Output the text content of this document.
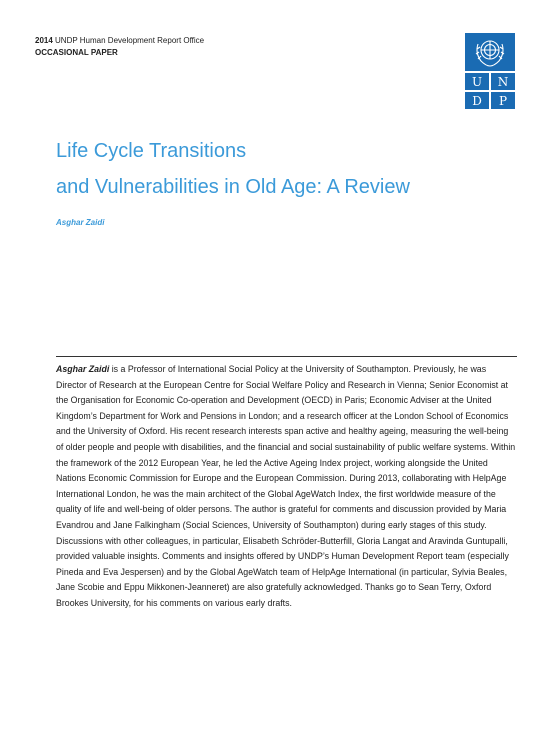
2014 UNDP Human Development Report Office
OCCASIONAL PAPER
U	N
D	P
Life Cycle Transitions
and Vulnerabilities in Old Age: A Review
Asghar Zaidi
Asghar Zaidi is a Professor of International Social Policy at the University of Southampton. Previously, he was Director of Research at the European Centre for Social Welfare Policy and Research in Vienna; Senior Economist at the Organisation for Economic Co-operation and Development (OECD) in Paris; Economic Adviser at the United Kingdom’s Department for Work and Pensions in London; and a research officer at the London School of Economics and the University of Oxford. His recent research interests span active and healthy ageing, measuring the well-being of older people and people with disabilities, and the financial and social sustainability of public welfare systems. Within the framework of the 2012 European Year, he led the Active Ageing Index project, working alongside the United Nations Economic Commission for Europe and the European Commission. During 2013, collaborating with HelpAge International London, he was the main architect of the Global AgeWatch Index, the first worldwide measure of the quality of life and well-being of older persons. The author is grateful for comments and discussion provided by Maria Evandrou and Jane Falkingham (Social Sciences, University of Southampton) during early stages of this study. Discussions with other colleagues, in particular, Elisabeth Schröder-Butterfill, Gloria Langat and Aravinda Guntupalli, provided valuable insights. Comments and insights offered by UNDP’s Human Development Report team (especially Pineda and Eva Jespersen) and by the Global AgeWatch team of HelpAge International (in particular, Sylvia Beales, Jane Scobie and Eppu Mikkonen-Jeanneret) are also gratefully acknowledged. Thanks go to Sean Terry, Oxford Brookes University, for his comments on various early drafts.
